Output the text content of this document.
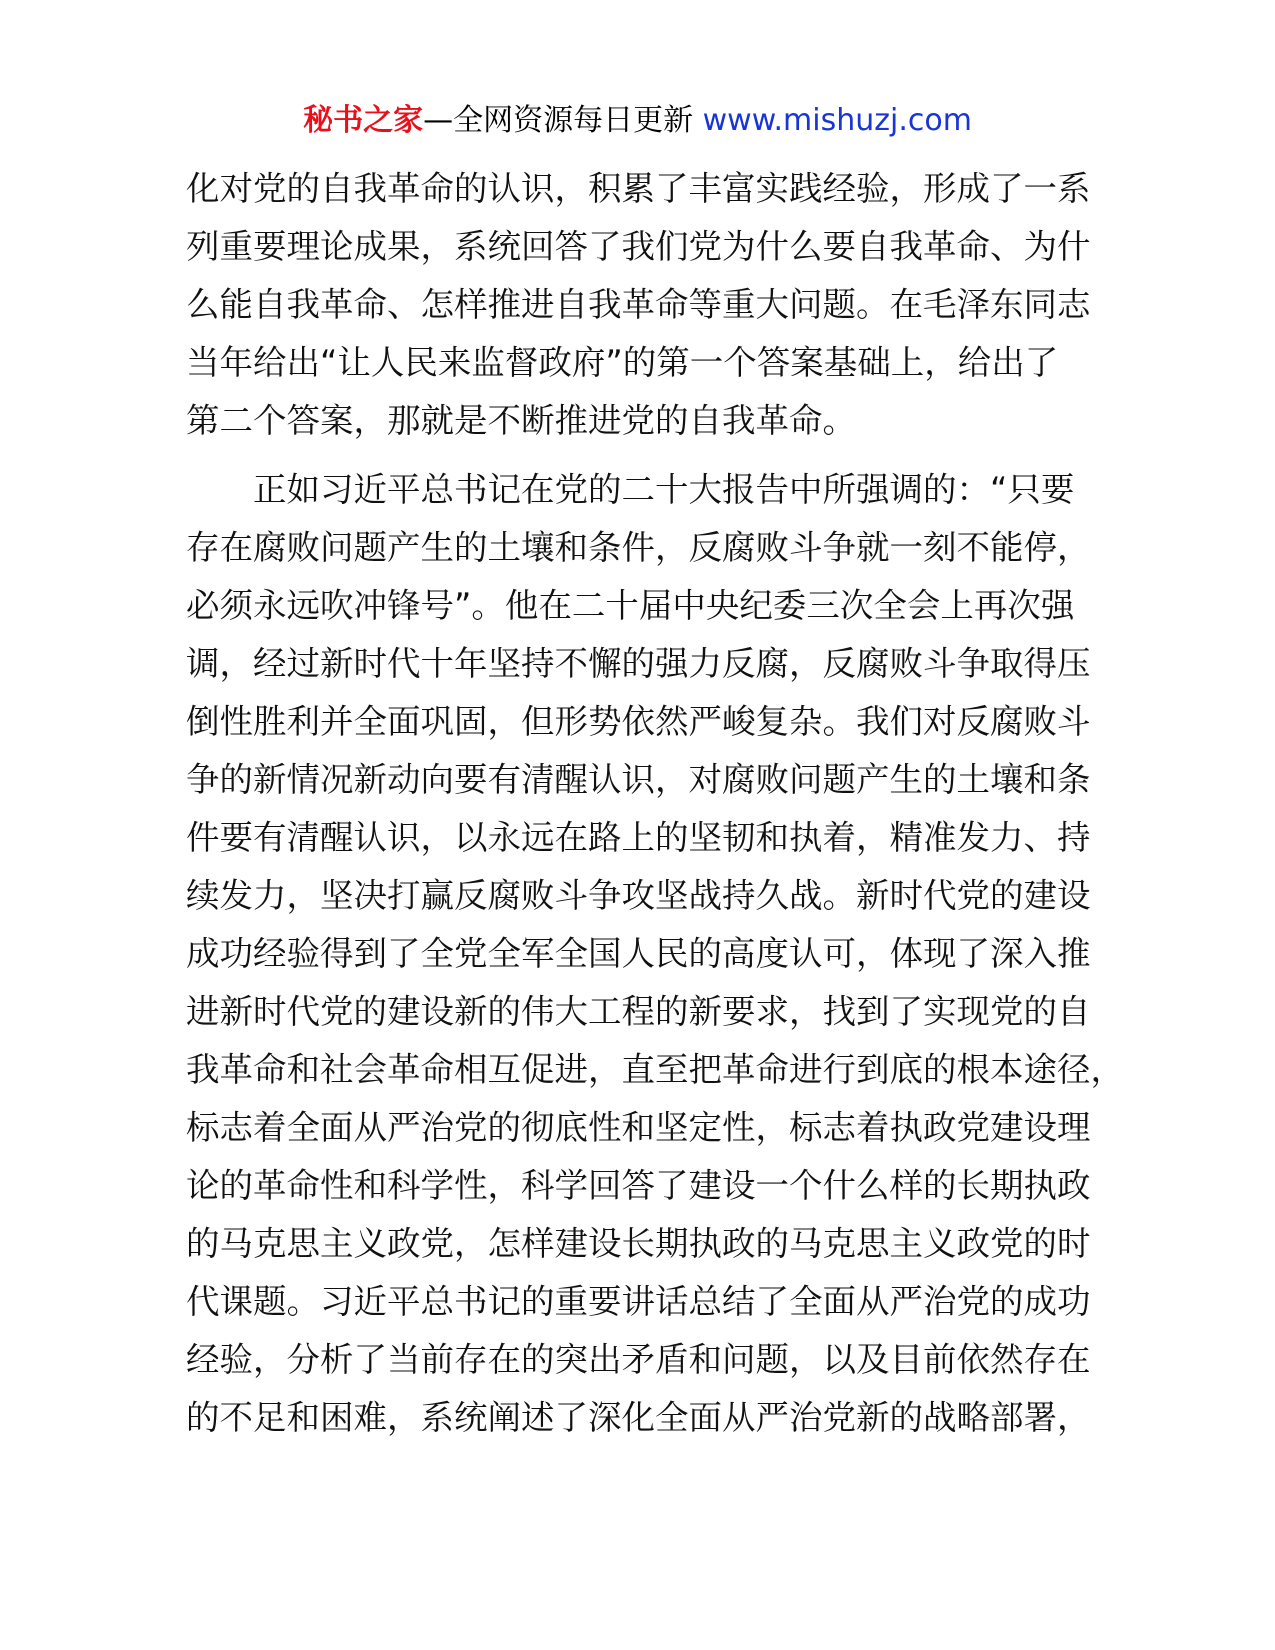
秘书之家—全网资源每日更新 www.mishuzj.com
化对党的自我革命的认识，积累了丰富实践经验，形成了一系
列重要理论成果，系统回答了我们党为什么要自我革命、为什
么能自我革命、怎样推进自我革命等重大问题。在毛泽东同志
当年给出“让人民来监督政府”的第一个答案基础上，给出了
第二个答案，那就是不断推进党的自我革命。
正如习近平总书记在党的二十大报告中所强调的：“只要
存在腐败问题产生的土壤和条件，反腐败斗争就一刻不能停，
必须永远吹冲锋号”。他在二十届中央纪委三次全会上再次强
调，经过新时代十年坚持不懈的强力反腐，反腐败斗争取得压
倒性胜利并全面巩固，但形势依然严峻复杂。我们对反腐败斗
争的新情况新动向要有清醒认识，对腐败问题产生的土壤和条
件要有清醒认识，以永远在路上的坚韧和执着，精准发力、持
续发力，坚决打赢反腐败斗争攻坚战持久战。新时代党的建设
成功经验得到了全党全军全国人民的高度认可，体现了深入推
进新时代党的建设新的伟大工程的新要求，找到了实现党的自
我革命和社会革命相互促进，直至把革命进行到底的根本途径，
标志着全面从严治党的彻底性和坚定性，标志着执政党建设理
论的革命性和科学性，科学回答了建设一个什么样的长期执政
的马克思主义政党，怎样建设长期执政的马克思主义政党的时
代课题。习近平总书记的重要讲话总结了全面从严治党的成功
经验，分析了当前存在的突出矛盾和问题，以及目前依然存在
的不足和困难，系统阐述了深化全面从严治党新的战略部署，
